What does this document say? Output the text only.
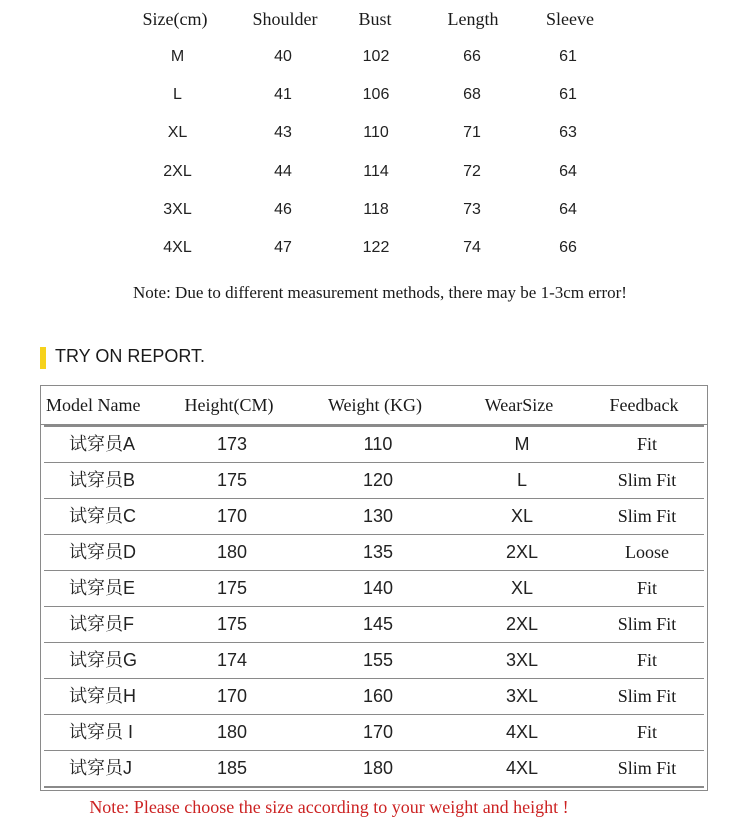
Size(cm)	Shoulder	Bust	Length	Sleeve
M	40	102	66	61
L	41	106	68	61
XL	43	110	71	63
2XL	44	114	72	64
3XL	46	118	73	64
4XL	47	122	74	66
Note: Due to different measurement methods, there may be 1-3cm error!
TRY ON REPORT.
Model Name	Height(CM)	Weight (KG)	WearSize	Feedback
试穿员A	173	110	M	Fit
试穿员B	175	120	L	Slim Fit
试穿员C	170	130	XL	Slim Fit
试穿员D	180	135	2XL	Loose
试穿员E	175	140	XL	Fit
试穿员F	175	145	2XL	Slim Fit
试穿员G	174	155	3XL	Fit
试穿员H	170	160	3XL	Slim Fit
试穿员 I	180	170	4XL	Fit
试穿员J	185	180	4XL	Slim Fit
Note: Please choose the size according to your weight and height !
